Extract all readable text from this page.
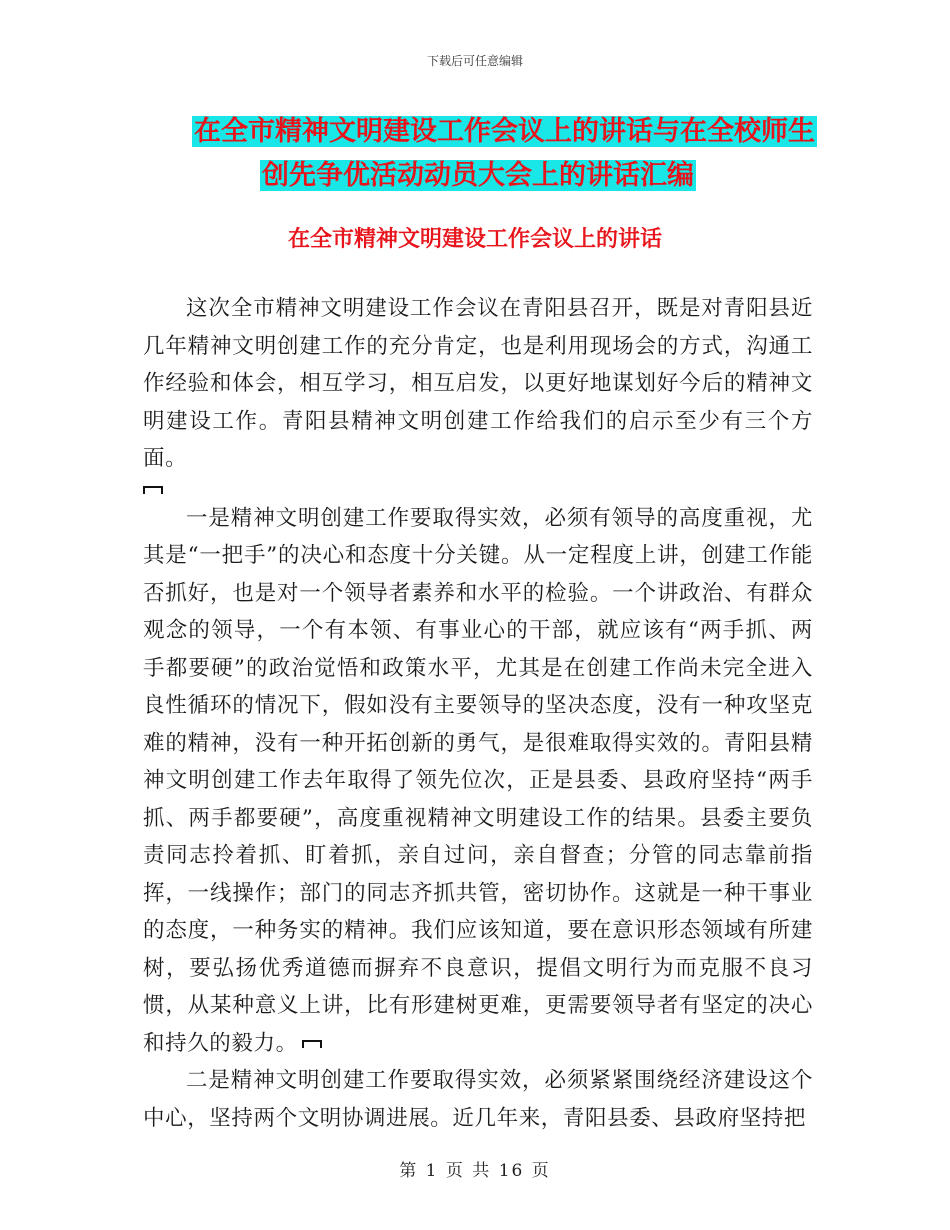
下载后可任意编辑
在全市精神文明建设工作会议上的讲话与在全校师生
创先争优活动动员大会上的讲话汇编
在全市精神文明建设工作会议上的讲话

这次全市精神文明建设工作会议在青阳县召开，既是对青阳县近几年精神文明创建工作的充分肯定，也是利用现场会的方式，沟通工作经验和体会，相互学习，相互启发，以更好地谋划好今后的精神文明建设工作。青阳县精神文明创建工作给我们的启示至少有三个方面。

一是精神文明创建工作要取得实效，必须有领导的高度重视，尤其是“一把手”的决心和态度十分关键。从一定程度上讲，创建工作能否抓好，也是对一个领导者素养和水平的检验。一个讲政治、有群众观念的领导，一个有本领、有事业心的干部，就应该有“两手抓、两手都要硬”的政治觉悟和政策水平，尤其是在创建工作尚未完全进入良性循环的情况下，假如没有主要领导的坚决态度，没有一种攻坚克难的精神，没有一种开拓创新的勇气，是很难取得实效的。青阳县精神文明创建工作去年取得了领先位次，正是县委、县政府坚持“两手抓、两手都要硬”，高度重视精神文明建设工作的结果。县委主要负责同志拎着抓、盯着抓，亲自过问，亲自督查；分管的同志靠前指挥，一线操作；部门的同志齐抓共管，密切协作。这就是一种干事业的态度，一种务实的精神。我们应该知道，要在意识形态领域有所建树，要弘扬优秀道德而摒弃不良意识，提倡文明行为而克服不良习惯，从某种意义上讲，比有形建树更难，更需要领导者有坚定的决心和持久的毅力。

二是精神文明创建工作要取得实效，必须紧紧围绕经济建设这个中心，坚持两个文明协调进展。近几年来，青阳县委、县政府坚持把

第 1 页 共 16 页
